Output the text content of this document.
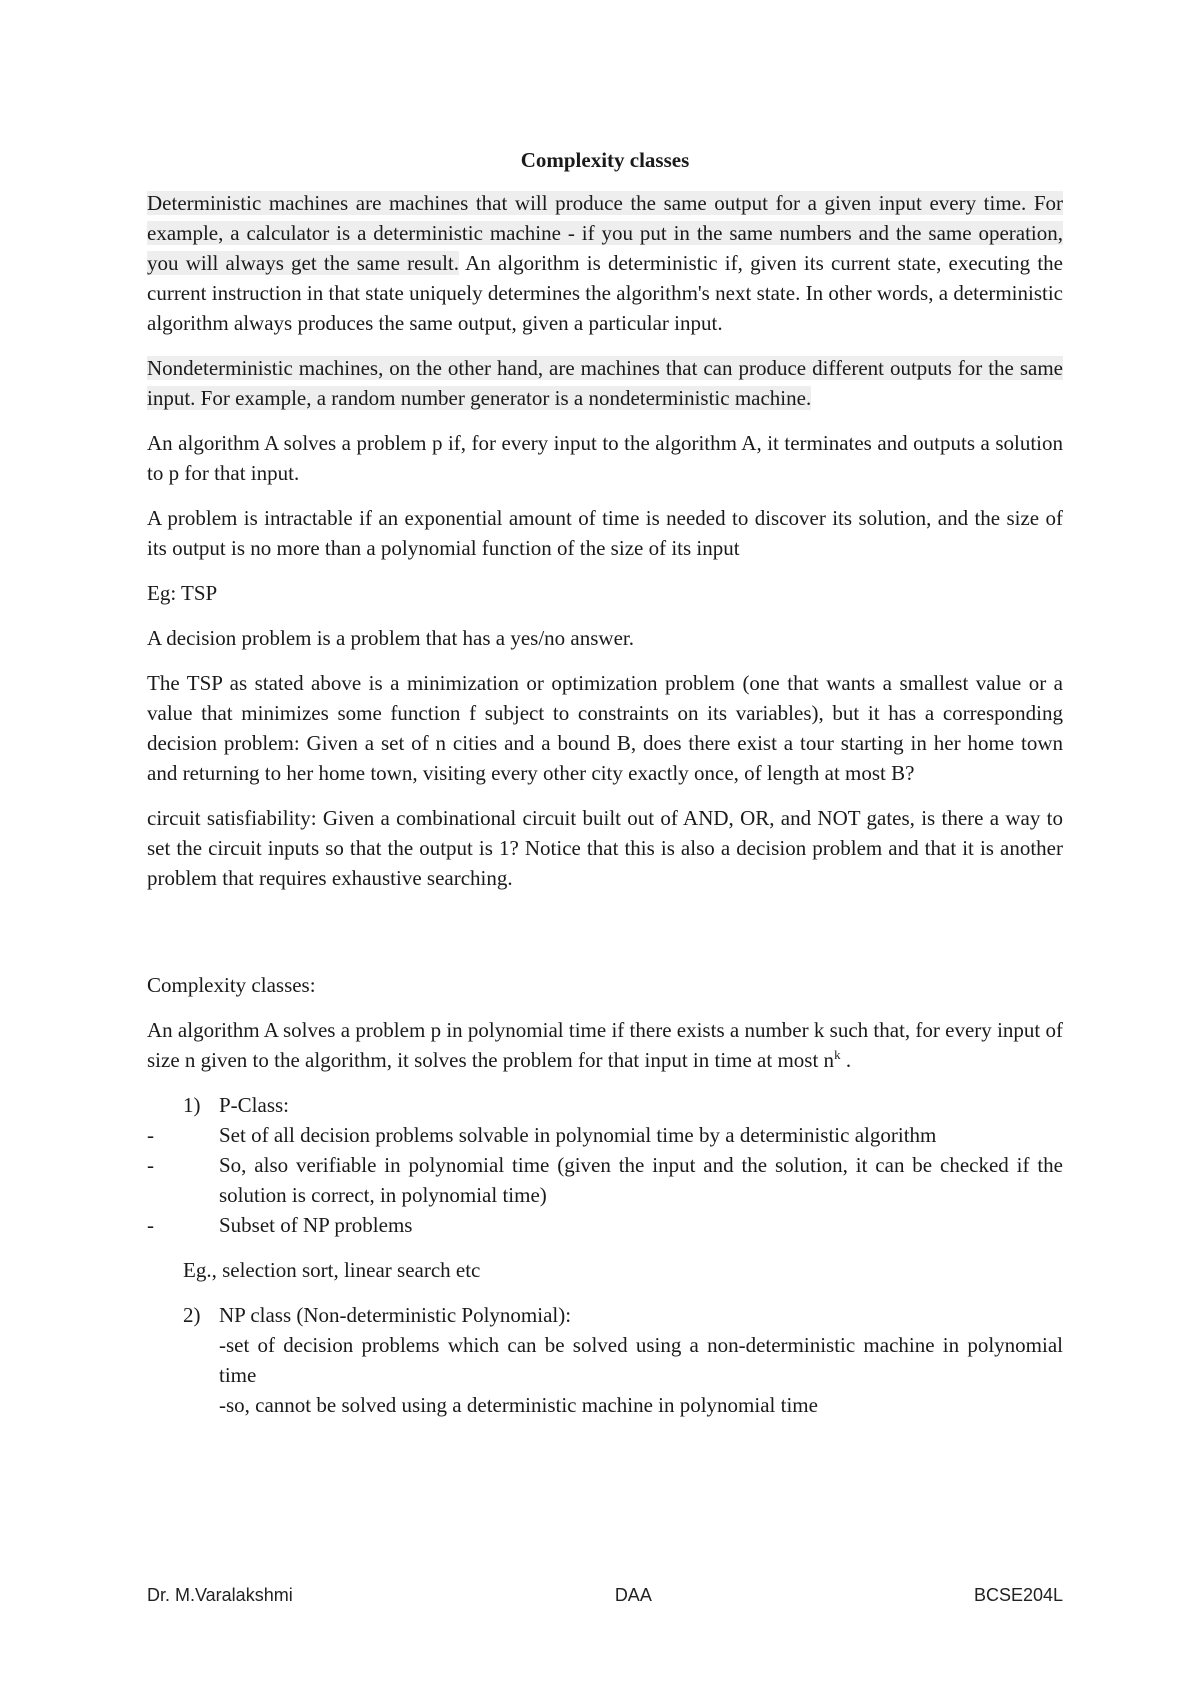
Complexity classes

Deterministic machines are machines that will produce the same output for a given input every time. For example, a calculator is a deterministic machine - if you put in the same numbers and the same operation, you will always get the same result. An algorithm is deterministic if, given its current state, executing the current instruction in that state uniquely determines the algorithm's next state. In other words, a deterministic algorithm always produces the same output, given a particular input.

Nondeterministic machines, on the other hand, are machines that can produce different outputs for the same input. For example, a random number generator is a nondeterministic machine.

An algorithm A solves a problem p if, for every input to the algorithm A, it terminates and outputs a solution to p for that input.

A problem is intractable if an exponential amount of time is needed to discover its solution, and the size of its output is no more than a polynomial function of the size of its input

Eg: TSP

A decision problem is a problem that has a yes/no answer.

The TSP as stated above is a minimization or optimization problem (one that wants a smallest value or a value that minimizes some function f subject to constraints on its variables), but it has a corresponding decision problem: Given a set of n cities and a bound B, does there exist a tour starting in her home town and returning to her home town, visiting every other city exactly once, of length at most B?

circuit satisfiability: Given a combinational circuit built out of AND, OR, and NOT gates, is there a way to set the circuit inputs so that the output is 1? Notice that this is also a decision problem and that it is another problem that requires exhaustive searching.

Complexity classes:

An algorithm A solves a problem p in polynomial time if there exists a number k such that, for every input of size n given to the algorithm, it solves the problem for that input in time at most $n^k$ .

1) P-Class:
-	Set of all decision problems solvable in polynomial time by a deterministic algorithm
-	So, also verifiable in polynomial time (given the input and the solution, it can be checked if the solution is correct, in polynomial time)
-	Subset of NP problems

Eg., selection sort, linear search etc

2) NP class (Non-deterministic Polynomial):
-set of decision problems which can be solved using a non-deterministic machine in polynomial time
-so, cannot be solved using a deterministic machine in polynomial time
Dr. M.Varalakshmi	DAA	BCSE204L
